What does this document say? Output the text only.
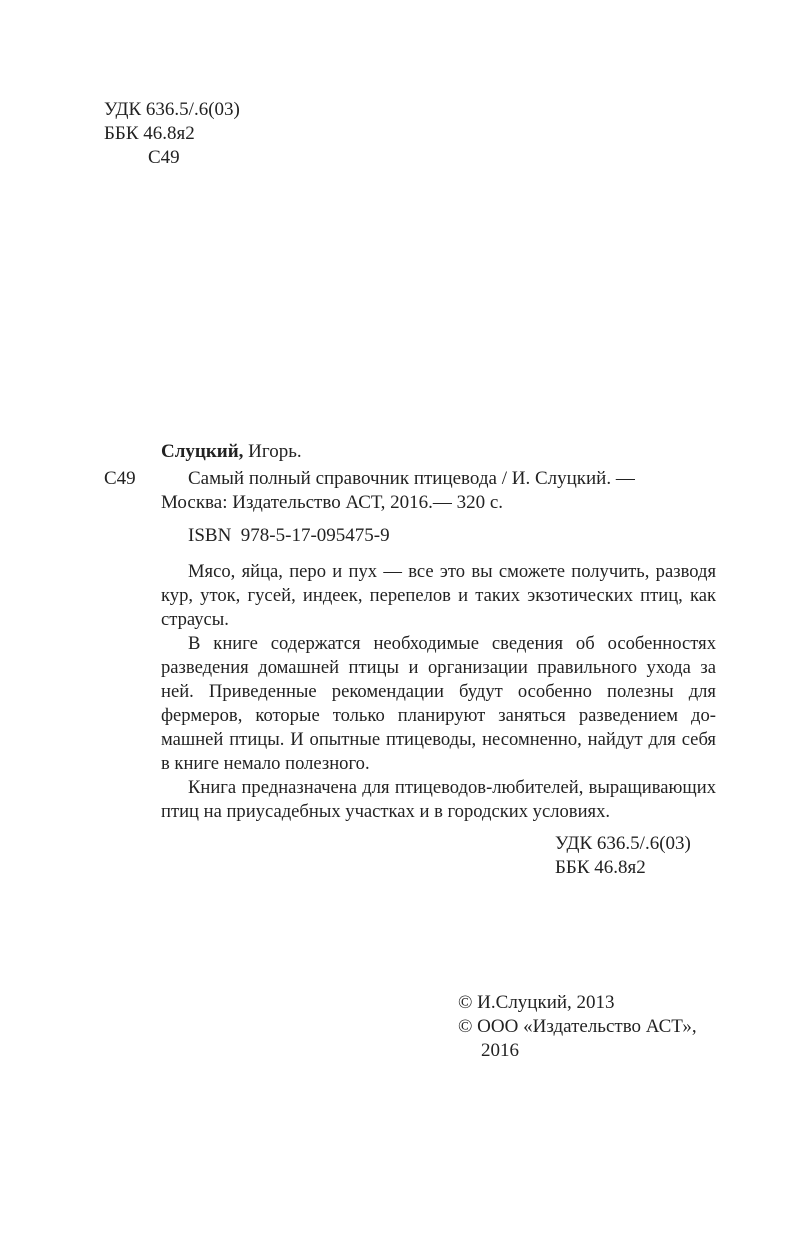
УДК 636.5/.6(03)
ББК 46.8я2
С49
Слуцкий, Игорь.
С49	Самый полный справочник птицевода / И. Слуцкий. —
Москва: Издательство АСТ, 2016.— 320 с.
ISBN  978-5-17-095475-9

Мясо, яйца, перо и пух — все это вы сможете получить, разводя кур, уток, гусей, индеек, перепелов и таких экзотических птиц, как страусы.

В книге содержатся необходимые сведения об особенностях разведения домашней птицы и организации правильного ухода за ней. Приведенные рекомендации будут особенно полезны для фермеров, которые только планируют заняться разведением домашней птицы. И опытные птицеводы, несомненно, найдут для себя в книге немало полезного.

Книга предназначена для птицеводов-любителей, выращивающих птиц на приусадебных участках и в городских условиях.

УДК 636.5/.6(03)
ББК 46.8я2
© И.Слуцкий, 2013
© ООО «Издательство АСТ»,
2016
